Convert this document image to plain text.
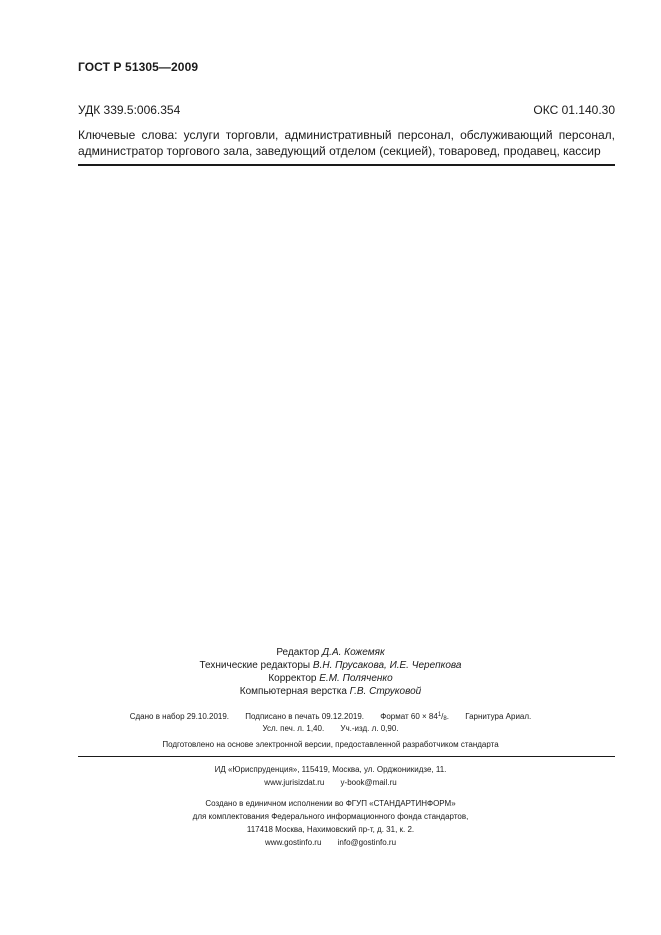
ГОСТ Р 51305—2009
УДК 339.5:006.354	ОКС 01.140.30
Ключевые слова: услуги торговли, административный персонал, обслуживающий персонал, администратор торгового зала, заведующий отделом (секцией), товаровед, продавец, кассир
Редактор Д.А. Кожемяк
Технические редакторы В.Н. Прусакова, И.Е. Черепкова
Корректор Е.М. Поляченко
Компьютерная верстка Г.В. Струковой
Сдано в набор 29.10.2019. Подписано в печать 09.12.2019. Формат $60 \times 84^1/_8$. Гарнитура Ариал.
Усл. печ. л. 1,40. Уч.-изд. л. 0,90.
Подготовлено на основе электронной версии, предоставленной разработчиком стандарта
ИД «Юриспруденция», 115419, Москва, ул. Орджоникидзе, 11.
www.jurisizdat.ru y-book@mail.ru
Создано в единичном исполнении во ФГУП «СТАНДАРТИНФОРМ»
для комплектования Федерального информационного фонда стандартов,
117418 Москва, Нахимовский пр-т, д. 31, к. 2.
www.gostinfo.ru info@gostinfo.ru
